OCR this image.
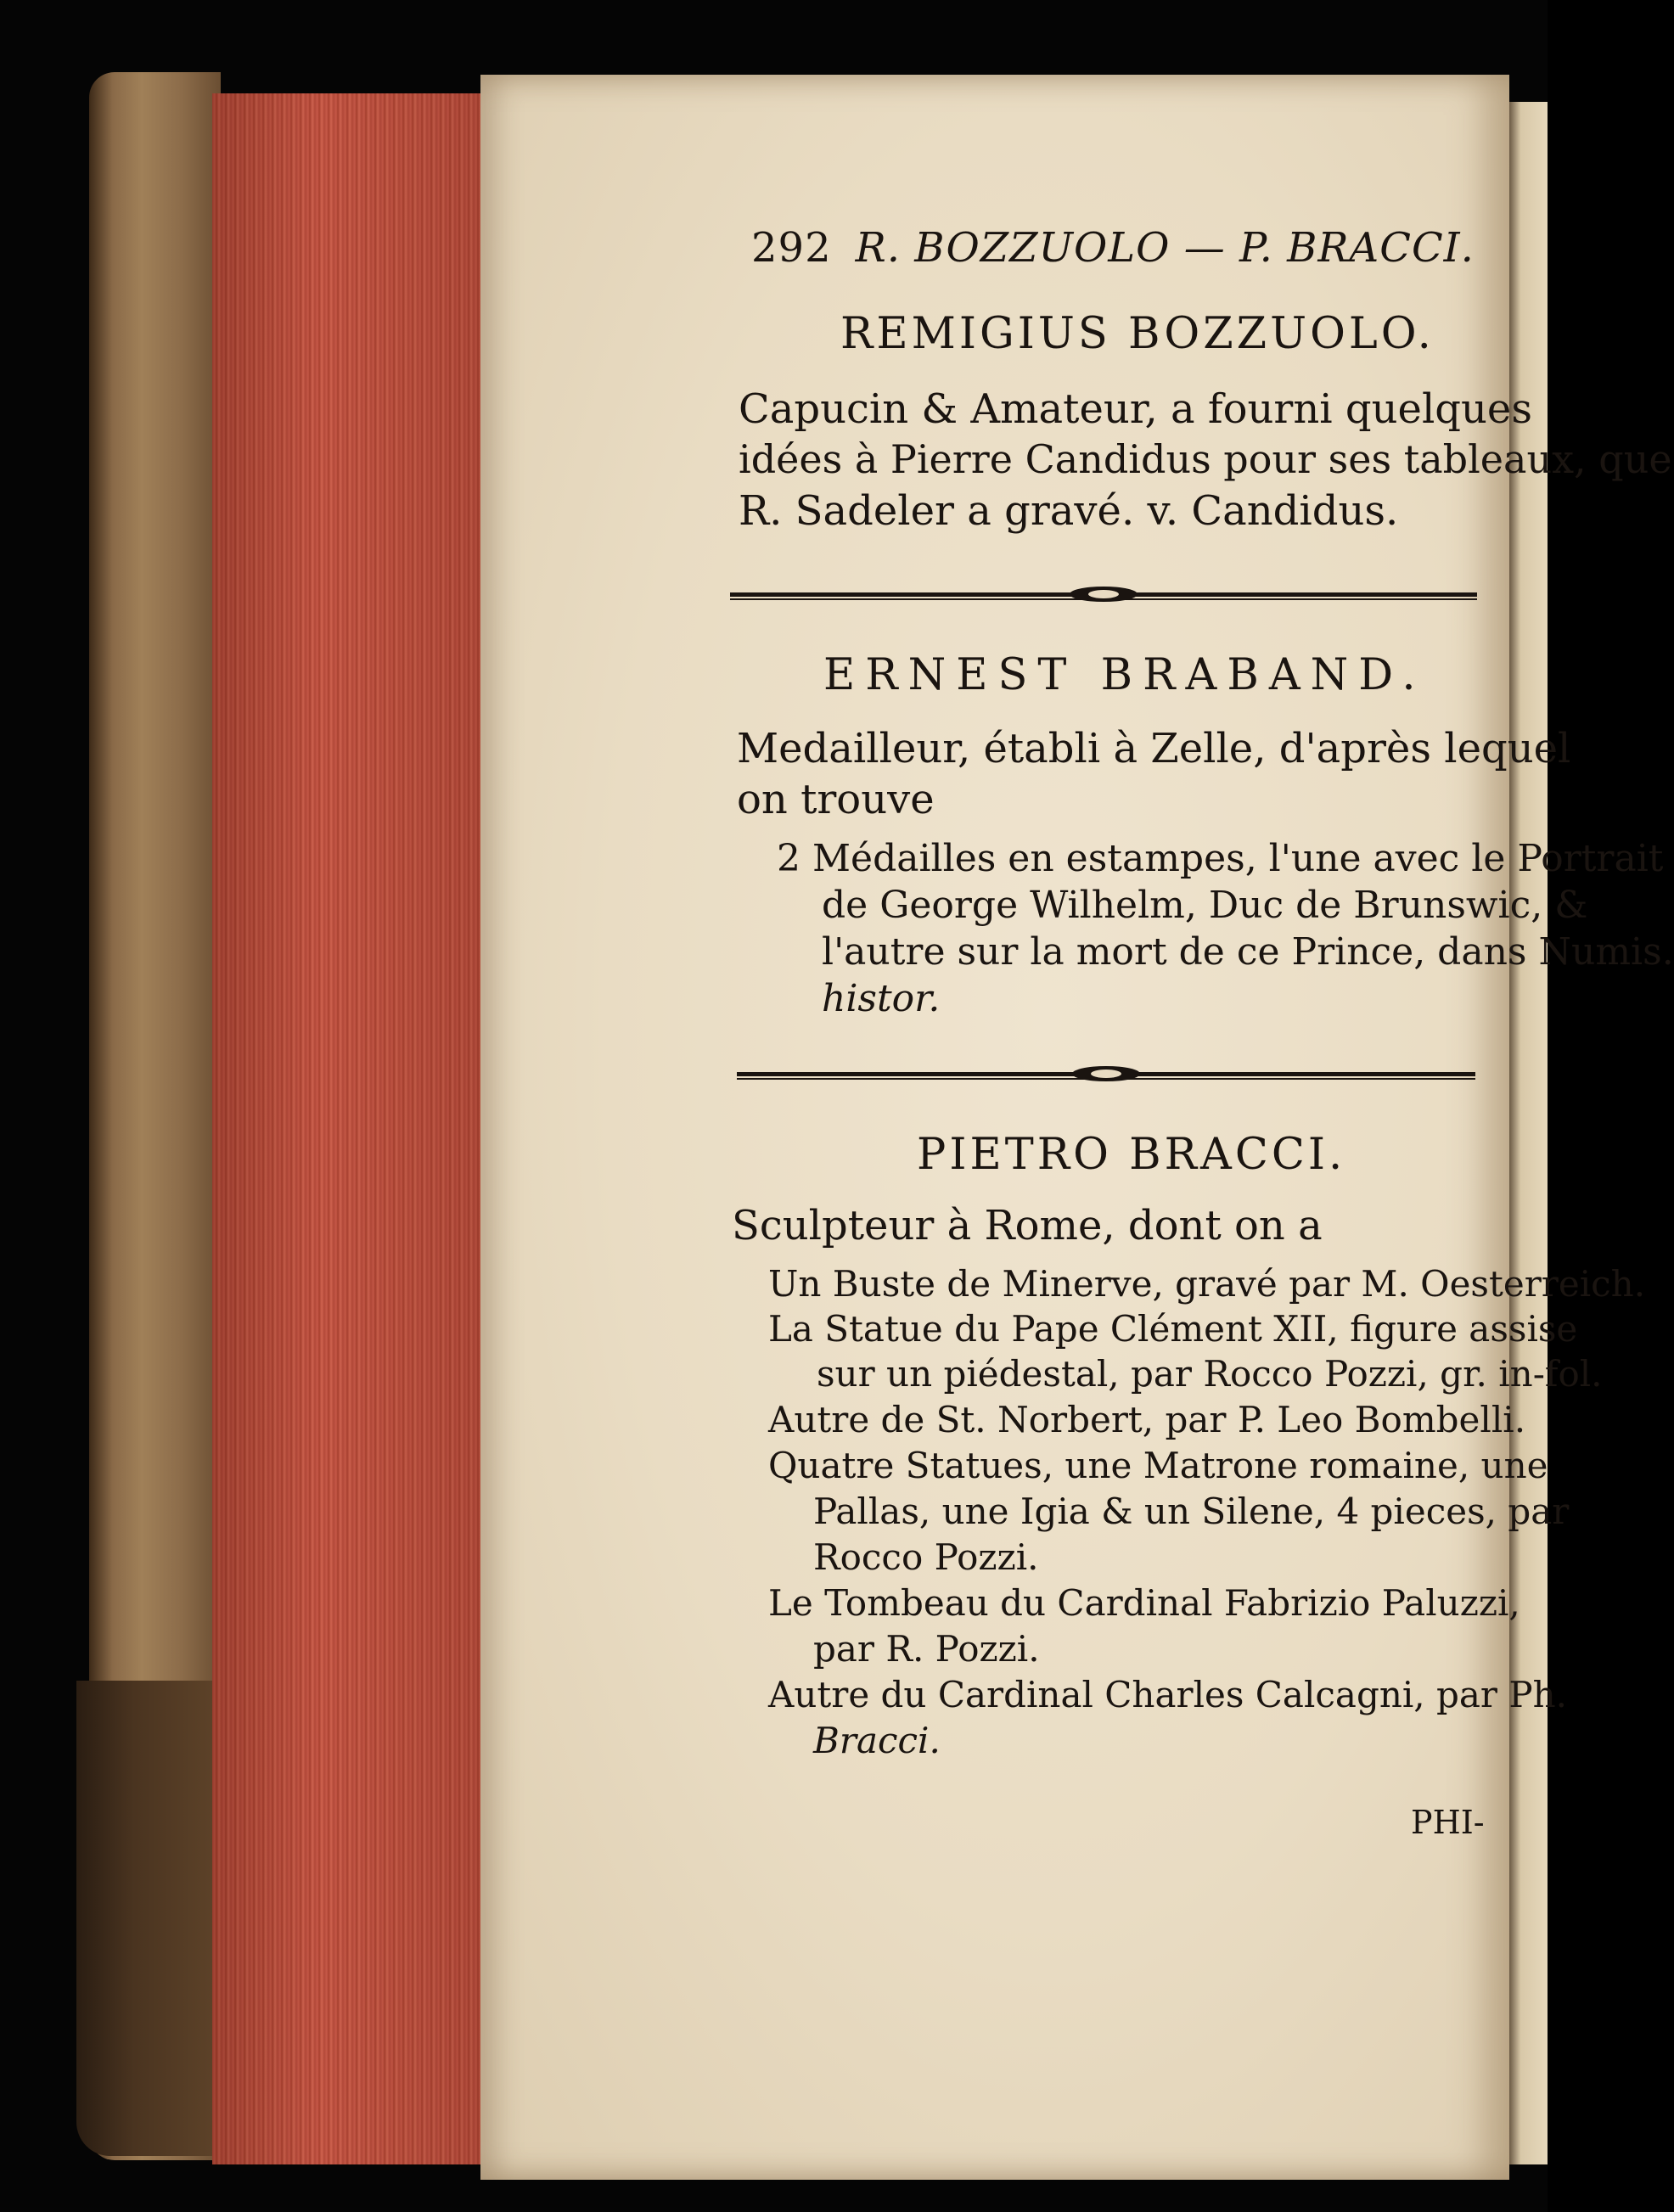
292 R. BOZZUOLO — P. BRACCI.
REMIGIUS BOZZUOLO.
Capucin & Amateur, a fourni quelques
idées à Pierre Candidus pour ses tableaux, que
R. Sadeler a gravé. v. Candidus.
ERNEST BRABAND.
Medailleur, établi à Zelle, d'après lequel
on trouve
2 Médailles en estampes, l'une avec le Portrait
de George Wilhelm, Duc de Brunswic, &
l'autre sur la mort de ce Prince, dans Numis.
histor.
PIETRO BRACCI.
Sculpteur à Rome, dont on a
Un Buste de Minerve, gravé par M. Oesterreich.
La Statue du Pape Clément XII, figure assise
sur un piédestal, par Rocco Pozzi, gr. in-fol.
Autre de St. Norbert, par P. Leo Bombelli.
Quatre Statues, une Matrone romaine, une
Pallas, une Igia & un Silene, 4 pieces, par
Rocco Pozzi.
Le Tombeau du Cardinal Fabrizio Paluzzi,
par R. Pozzi.
Autre du Cardinal Charles Calcagni, par Ph.
Bracci.
PHI-
